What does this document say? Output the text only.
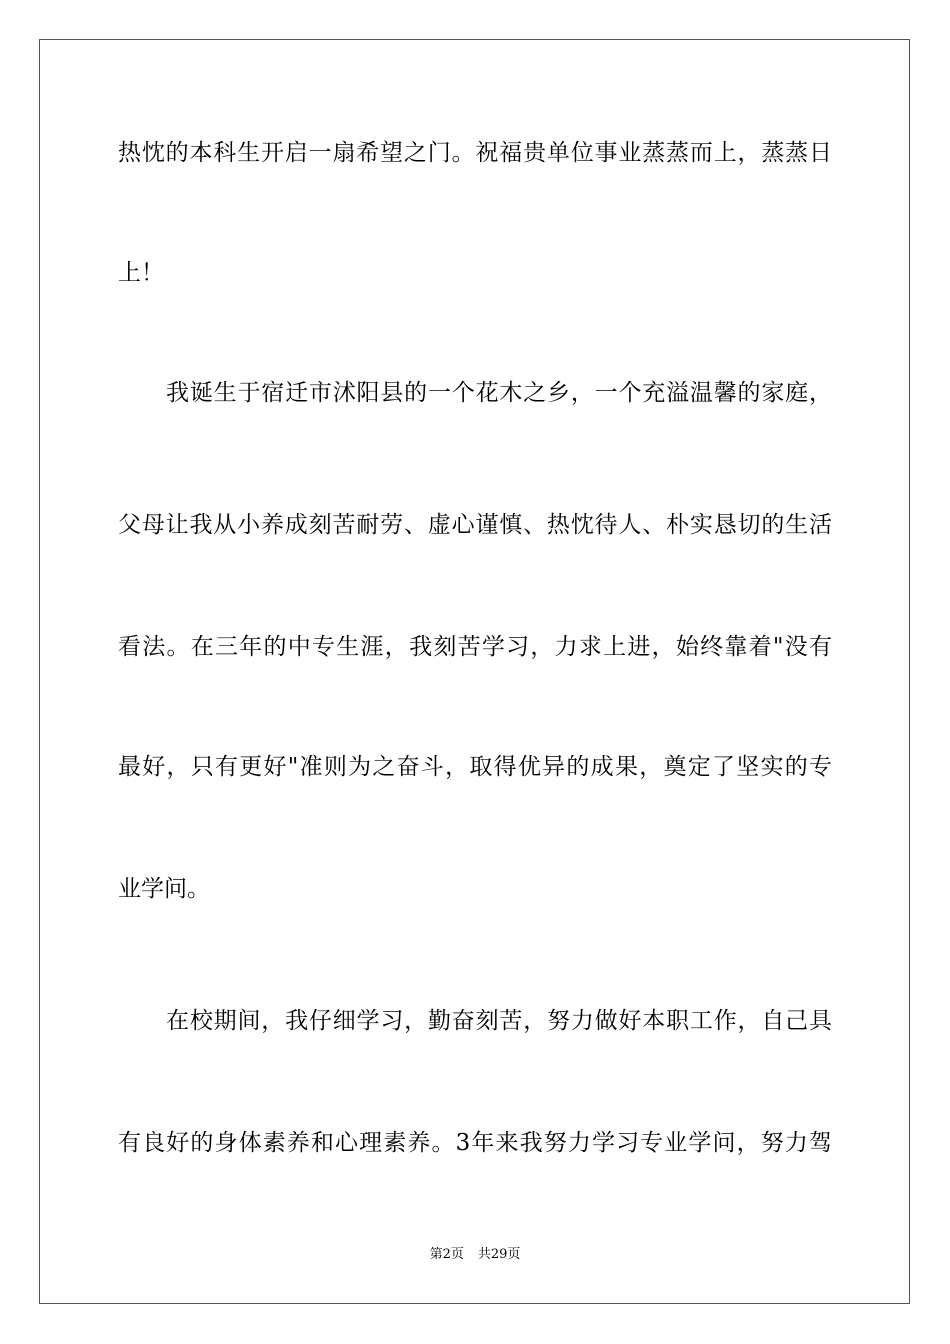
热忱的本科生开启一扇希望之门。祝福贵单位事业蒸蒸而上，蒸蒸日

上！

我诞生于宿迁市沭阳县的一个花木之乡，一个充溢温馨的家庭，

父母让我从小养成刻苦耐劳、虚心谨慎、热忱待人、朴实恳切的生活

看法。在三年的中专生涯，我刻苦学习，力求上进，始终靠着"没有

最好，只有更好"准则为之奋斗，取得优异的成果，奠定了坚实的专

业学问。

在校期间，我仔细学习，勤奋刻苦，努力做好本职工作，自己具

有良好的身体素养和心理素养。3年来我努力学习专业学问，努力驾

第2页 共29页
